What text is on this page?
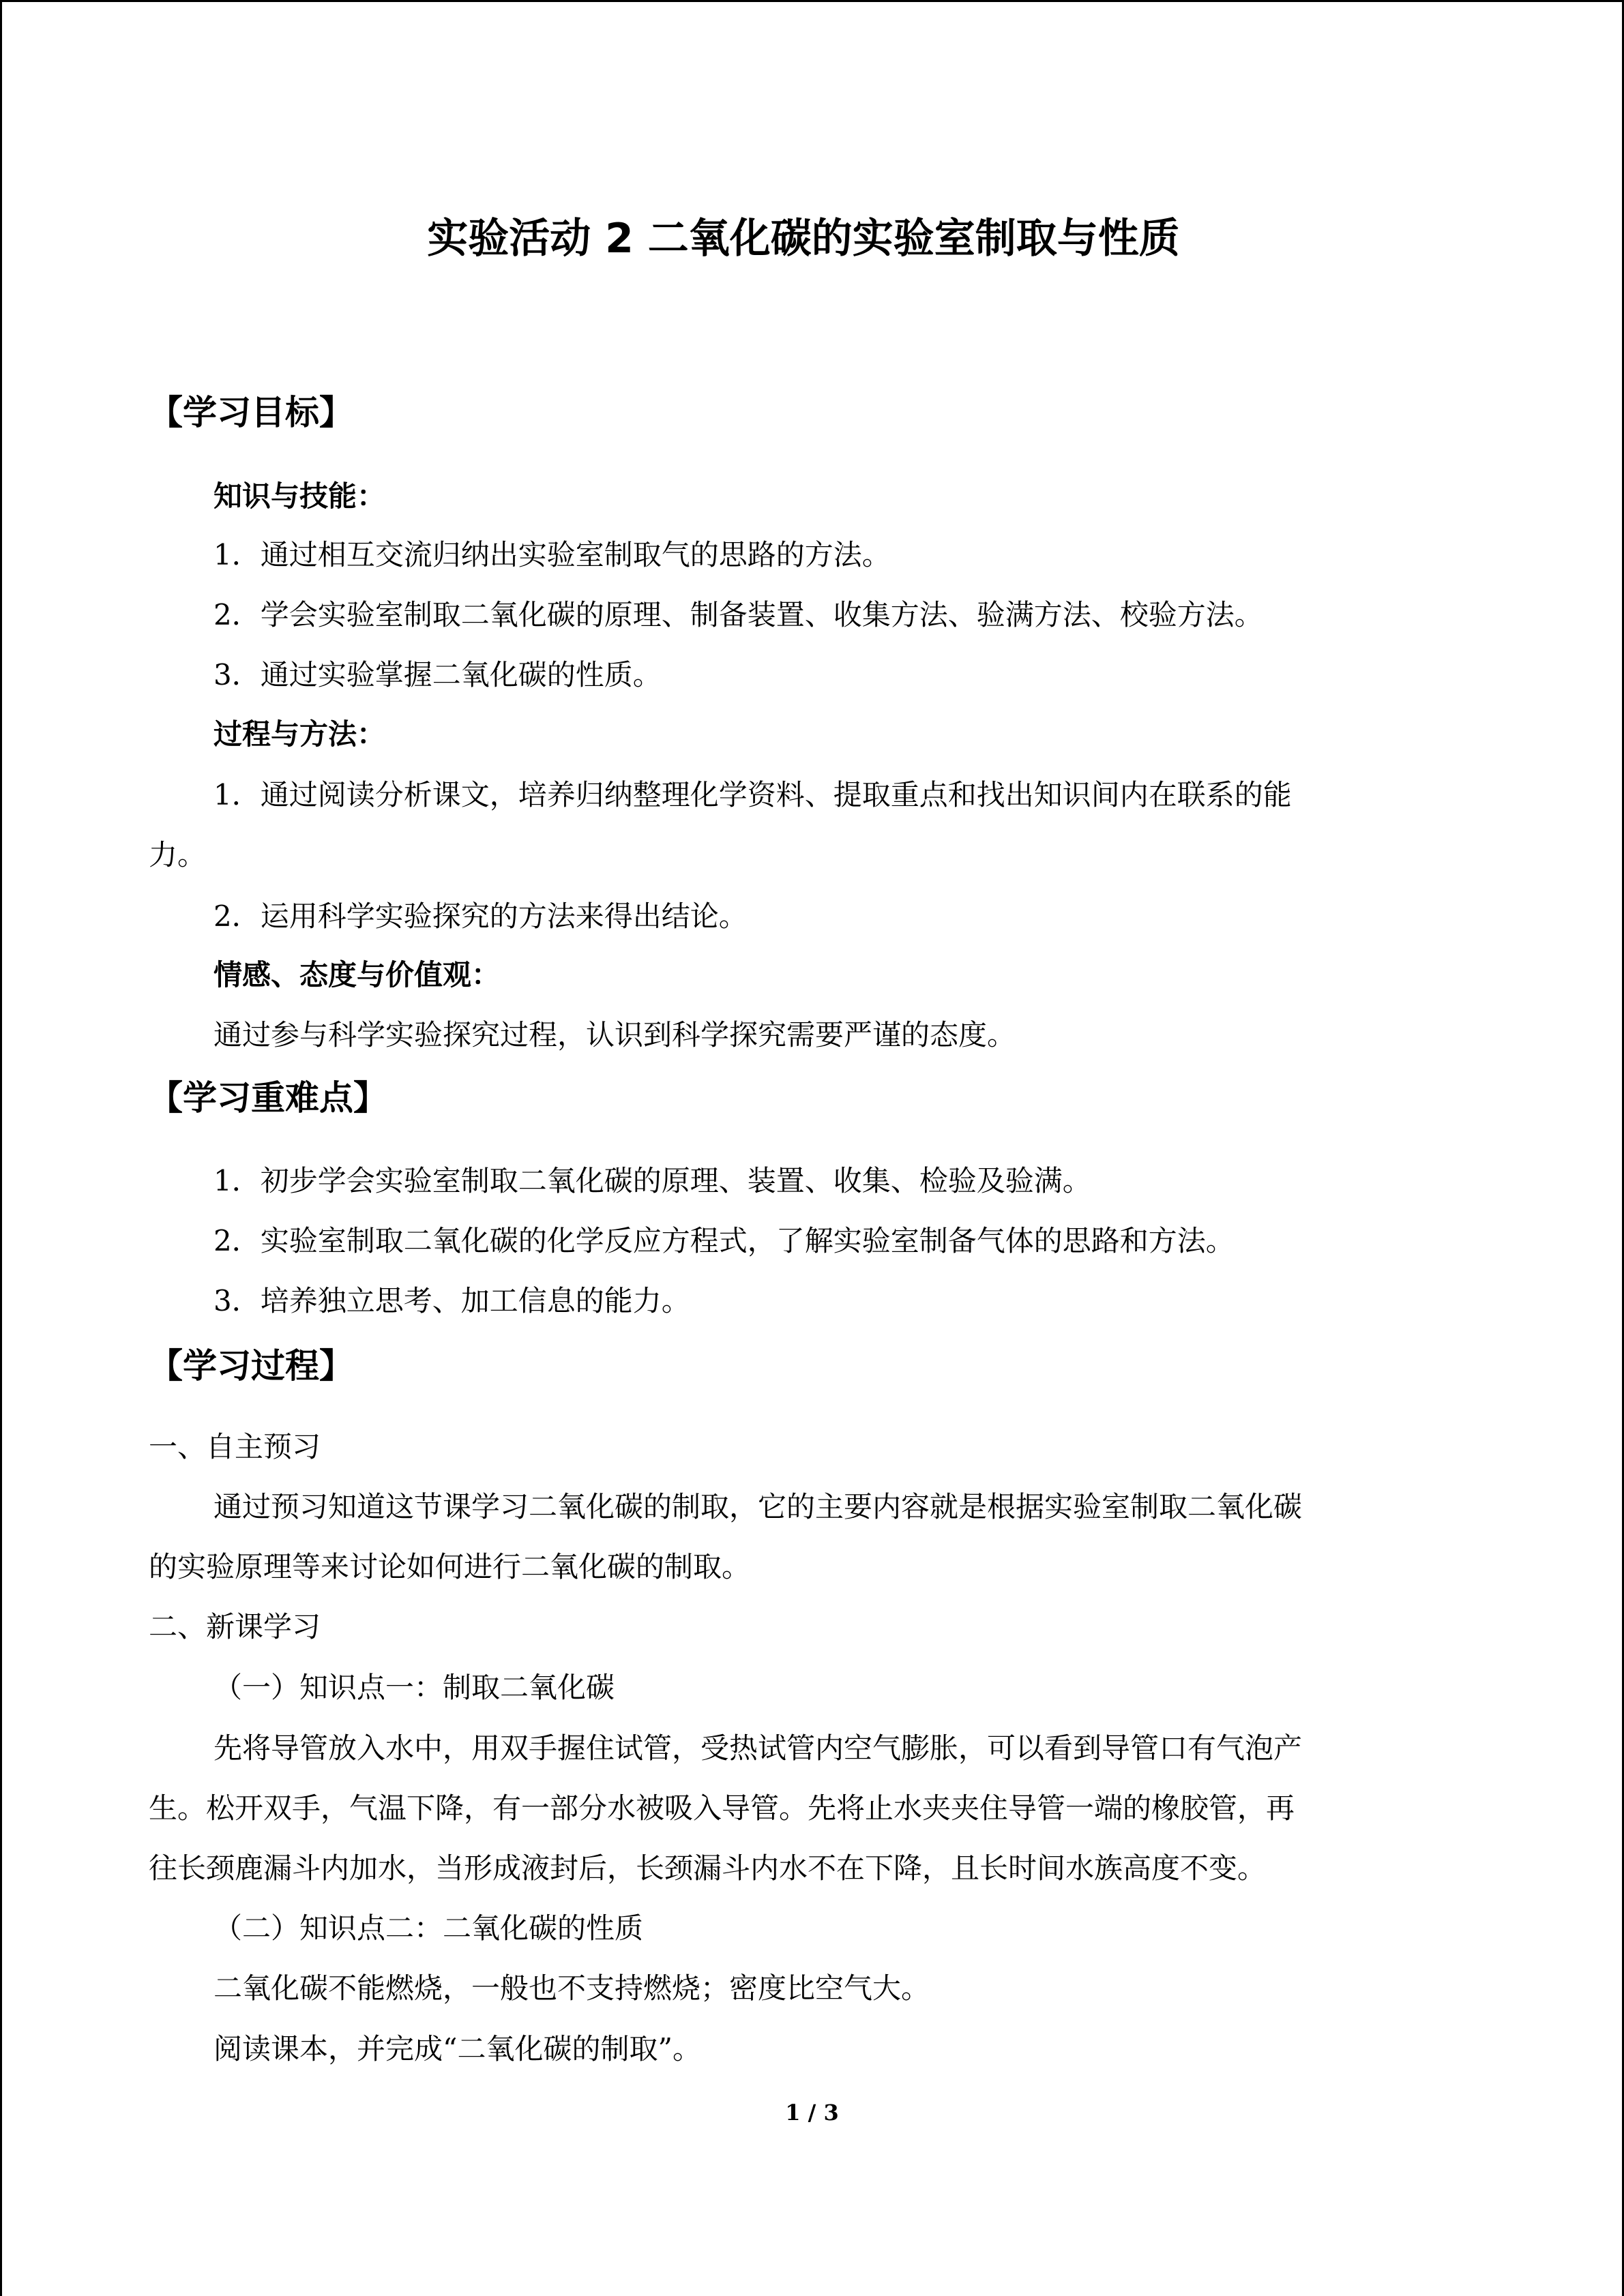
实验活动 2 二氧化碳的实验室制取与性质
【学习目标】
知识与技能：
1．通过相互交流归纳出实验室制取气的思路的方法。
2．学会实验室制取二氧化碳的原理、制备装置、收集方法、验满方法、校验方法。
3．通过实验掌握二氧化碳的性质。
过程与方法：
1．通过阅读分析课文，培养归纳整理化学资料、提取重点和找出知识间内在联系的能
力。
2．运用科学实验探究的方法来得出结论。
情感、态度与价值观：
通过参与科学实验探究过程，认识到科学探究需要严谨的态度。
【学习重难点】
1．初步学会实验室制取二氧化碳的原理、装置、收集、检验及验满。
2．实验室制取二氧化碳的化学反应方程式，了解实验室制备气体的思路和方法。
3．培养独立思考、加工信息的能力。
【学习过程】
一、自主预习
通过预习知道这节课学习二氧化碳的制取，它的主要内容就是根据实验室制取二氧化碳
的实验原理等来讨论如何进行二氧化碳的制取。
二、新课学习
（一）知识点一：制取二氧化碳
先将导管放入水中，用双手握住试管，受热试管内空气膨胀，可以看到导管口有气泡产
生。松开双手，气温下降，有一部分水被吸入导管。先将止水夹夹住导管一端的橡胶管，再
往长颈鹿漏斗内加水，当形成液封后，长颈漏斗内水不在下降，且长时间水族高度不变。
（二）知识点二：二氧化碳的性质
二氧化碳不能燃烧，一般也不支持燃烧；密度比空气大。
阅读课本，并完成“二氧化碳的制取”。
1 / 3
